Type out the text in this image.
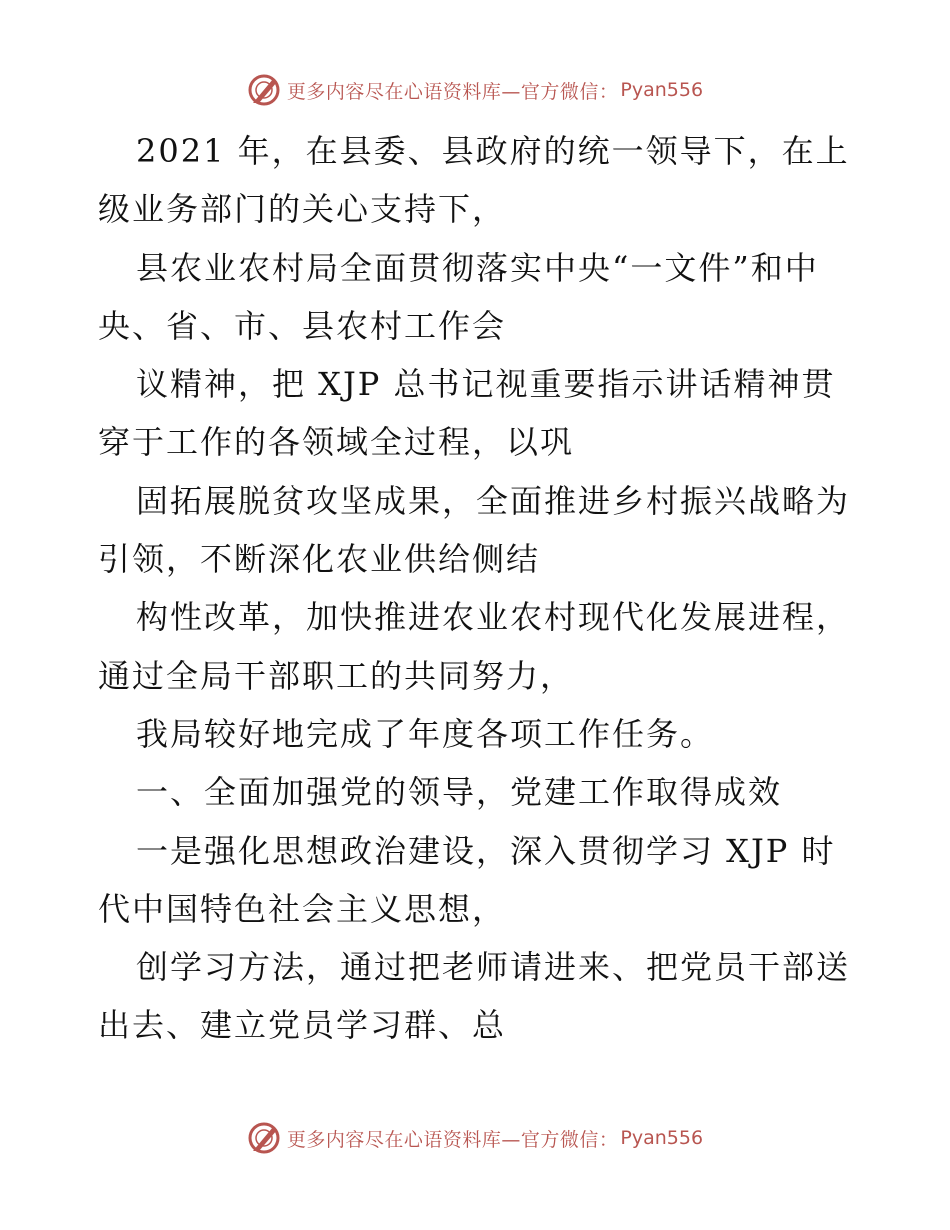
更多内容尽在心语资料库—官方微信： Pyan556

2021 年，在县委、县政府的统一领导下，在上
级业务部门的关心支持下，

县农业农村局全面贯彻落实中央“一文件”和中
央、省、市、县农村工作会

议精神，把 XJP 总书记视重要指示讲话精神贯
穿于工作的各领域全过程，以巩

固拓展脱贫攻坚成果，全面推进乡村振兴战略为
引领，不断深化农业供给侧结

构性改革，加快推进农业农村现代化发展进程，
通过全局干部职工的共同努力，

我局较好地完成了年度各项工作任务。

一、全面加强党的领导，党建工作取得成效

一是强化思想政治建设，深入贯彻学习 XJP 时
代中国特色社会主义思想，

创学习方法，通过把老师请进来、把党员干部送
出去、建立党员学习群、总

更多内容尽在心语资料库—官方微信： Pyan556
